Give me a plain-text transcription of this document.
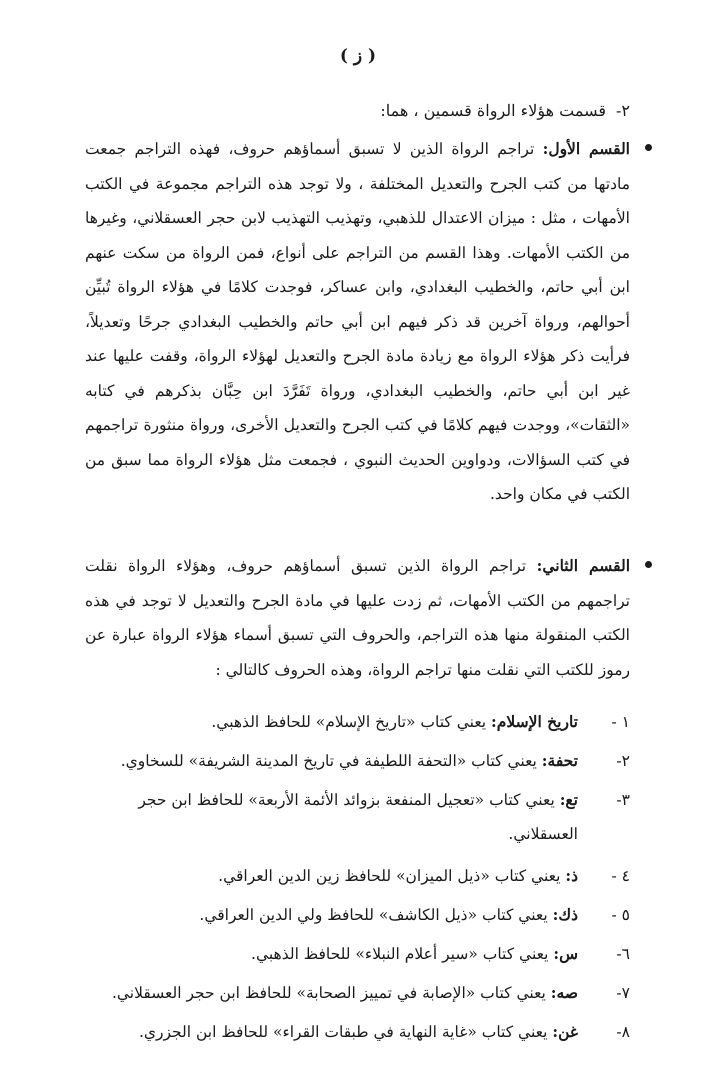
( ز )
٢-قسمت هؤلاء الرواة قسمين ، هما:

القسم الأول: تراجم الرواة الذين لا تسبق أسماؤهم حروف، فهذه التراجم جمعت مادتها من كتب الجرح والتعديل المختلفة ، ولا توجد هذه التراجم مجموعة في الكتب الأمهات ، مثل : ميزان الاعتدال للذهبي، وتهذيب التهذيب لابن حجر العسقلاني، وغيرها من الكتب الأمهات. وهذا القسم من التراجم على أنواع، فمن الرواة من سكت عنهم ابن أبي حاتم، والخطيب البغدادي، وابن عساكر، فوجدت كلامًا في هؤلاء الرواة تُبيِّن أحوالهم، ورواة آخرين قد ذكر فيهم ابن أبي حاتم والخطيب البغدادي جرحًا وتعديلاً، فرأيت ذكر هؤلاء الرواة مع زيادة مادة الجرح والتعديل لهؤلاء الرواة، وقفت عليها عند غير ابن أبي حاتم، والخطيب البغدادي، ورواة تَفَرَّدَ ابن حِبَّان بذكرهم في كتابه «الثقات»، ووجدت فيهم كلامًا في كتب الجرح والتعديل الأخرى، ورواة منثورة تراجمهم في كتب السؤالات، ودواوين الحديث النبوي ، فجمعت مثل هؤلاء الرواة مما سبق من الكتب في مكان واحد.

القسم الثاني: تراجم الرواة الذين تسبق أسماؤهم حروف، وهؤلاء الرواة نقلت تراجمهم من الكتب الأمهات، ثم زدت عليها في مادة الجرح والتعديل لا توجد في هذه الكتب المنقولة منها هذه التراجم، والحروف التي تسبق أسماء هؤلاء الرواة عبارة عن رموز للكتب التي نقلت منها تراجم الرواة، وهذه الحروف كالتالي :

١ -
تاريخ الإسلام: يعني كتاب «تاريخ الإسلام» للحافظ الذهبي.
٢-
تحفة: يعني كتاب «التحفة اللطيفة في تاريخ المدينة الشريفة» للسخاوي.
٣-
تع: يعني كتاب «تعجيل المنفعة بزوائد الأئمة الأربعة» للحافظ ابن حجر العسقلاني.
٤ -
ذ: يعني كتاب «ذيل الميزان» للحافظ زين الدين العراقي.
٥ -
ذك: يعني كتاب «ذيل الكاشف» للحافظ ولي الدين العراقي.
٦-
س: يعني كتاب «سير أعلام النبلاء» للحافظ الذهبي.
٧-
صه: يعني كتاب «الإصابة في تمييز الصحابة» للحافظ ابن حجر العسقلاني.
٨-
غن: يعني كتاب «غاية النهاية في طبقات القراء» للحافظ ابن الجزري.
